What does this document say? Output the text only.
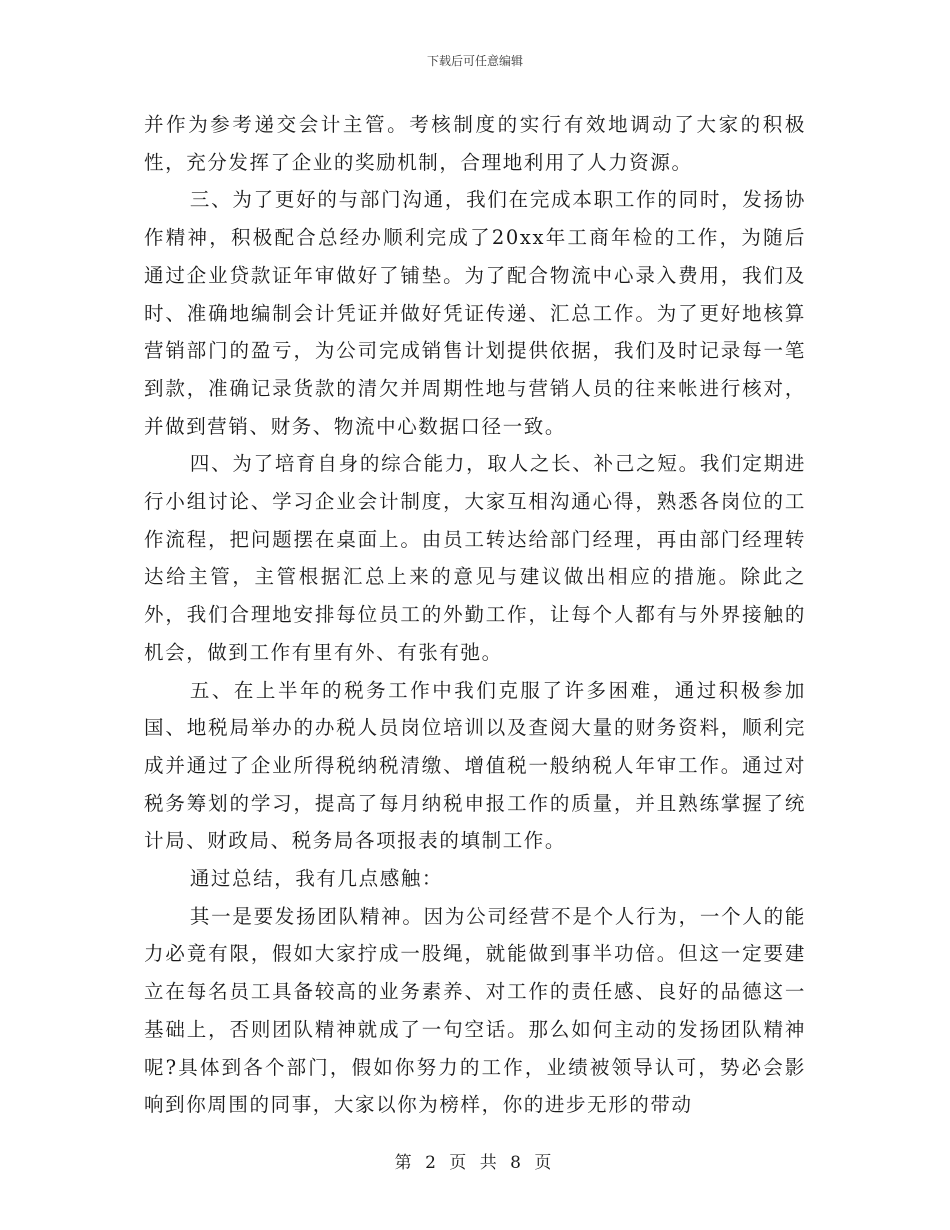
下载后可任意编辑

并作为参考递交会计主管。考核制度的实行有效地调动了大家的积极性，充分发挥了企业的奖励机制，合理地利用了人力资源。

三、为了更好的与部门沟通，我们在完成本职工作的同时，发扬协作精神，积极配合总经办顺利完成了20xx年工商年检的工作，为随后通过企业贷款证年审做好了铺垫。为了配合物流中心录入费用，我们及时、准确地编制会计凭证并做好凭证传递、汇总工作。为了更好地核算营销部门的盈亏，为公司完成销售计划提供依据，我们及时记录每一笔到款，准确记录货款的清欠并周期性地与营销人员的往来帐进行核对，并做到营销、财务、物流中心数据口径一致。

四、为了培育自身的综合能力，取人之长、补己之短。我们定期进行小组讨论、学习企业会计制度，大家互相沟通心得，熟悉各岗位的工作流程，把问题摆在桌面上。由员工转达给部门经理，再由部门经理转达给主管，主管根据汇总上来的意见与建议做出相应的措施。除此之外，我们合理地安排每位员工的外勤工作，让每个人都有与外界接触的机会，做到工作有里有外、有张有弛。

五、在上半年的税务工作中我们克服了许多困难，通过积极参加国、地税局举办的办税人员岗位培训以及查阅大量的财务资料，顺利完成并通过了企业所得税纳税清缴、增值税一般纳税人年审工作。通过对税务筹划的学习，提高了每月纳税申报工作的质量，并且熟练掌握了统计局、财政局、税务局各项报表的填制工作。

通过总结，我有几点感触：

其一是要发扬团队精神。因为公司经营不是个人行为，一个人的能力必竟有限，假如大家拧成一股绳，就能做到事半功倍。但这一定要建立在每名员工具备较高的业务素养、对工作的责任感、良好的品德这一基础上，否则团队精神就成了一句空话。那么如何主动的发扬团队精神呢?具体到各个部门，假如你努力的工作，业绩被领导认可，势必会影响到你周围的同事，大家以你为榜样，你的进步无形的带动

第 2 页 共 8 页
